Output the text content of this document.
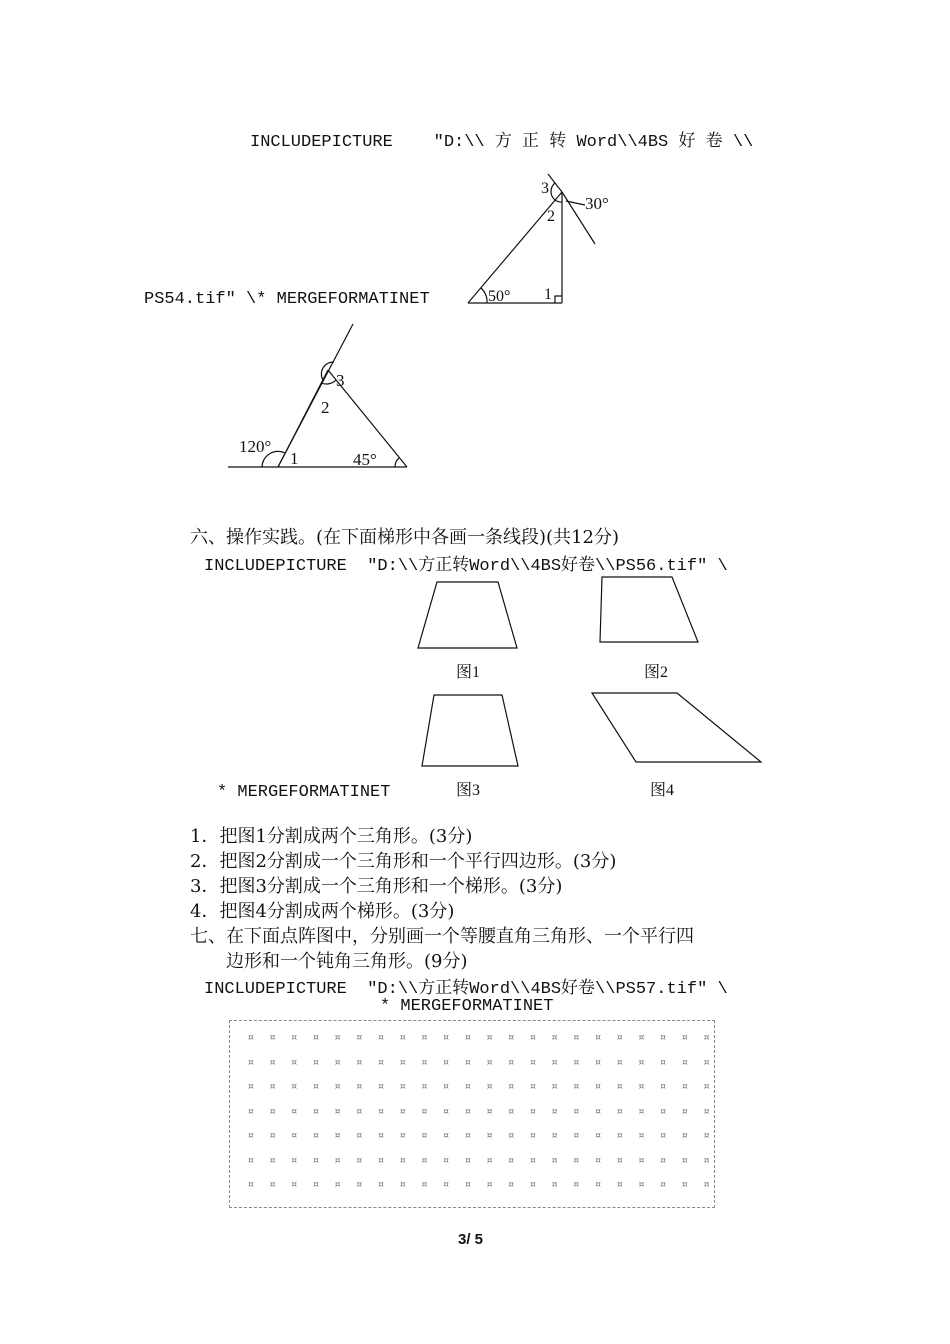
INCLUDEPICTURE    "D:\\ 方 正 转 Word\\4BS 好 卷 \\
50°
30°
1
2
3
PS54.tif" \* MERGEFORMATINET
120°
45°
1
2
3
六、操作实践。(在下面梯形中各画一条线段)(共12分)
INCLUDEPICTURE  "D:\\方正转Word\\4BS好卷\\PS56.tif" \
图1	图2
图3	图4
* MERGEFORMATINET
1．把图1分割成两个三角形。(3分)
2．把图2分割成一个三角形和一个平行四边形。(3分)
3．把图3分割成一个三角形和一个梯形。(3分)
4．把图4分割成两个梯形。(3分)
七、在下面点阵图中，分别画一个等腰直角三角形、一个平行四
边形和一个钝角三角形。(9分)
INCLUDEPICTURE  "D:\\方正转Word\\4BS好卷\\PS57.tif" \
* MERGEFORMATINET
¤ ¤ ¤ ¤ ¤ ¤ ¤ ¤ ¤ ¤ ¤ ¤ ¤ ¤ ¤ ¤ ¤ ¤ ¤ ¤ ¤ ¤
¤ ¤ ¤ ¤ ¤ ¤ ¤ ¤ ¤ ¤ ¤ ¤ ¤ ¤ ¤ ¤ ¤ ¤ ¤ ¤ ¤ ¤
¤ ¤ ¤ ¤ ¤ ¤ ¤ ¤ ¤ ¤ ¤ ¤ ¤ ¤ ¤ ¤ ¤ ¤ ¤ ¤ ¤ ¤
¤ ¤ ¤ ¤ ¤ ¤ ¤ ¤ ¤ ¤ ¤ ¤ ¤ ¤ ¤ ¤ ¤ ¤ ¤ ¤ ¤ ¤
¤ ¤ ¤ ¤ ¤ ¤ ¤ ¤ ¤ ¤ ¤ ¤ ¤ ¤ ¤ ¤ ¤ ¤ ¤ ¤ ¤ ¤
¤ ¤ ¤ ¤ ¤ ¤ ¤ ¤ ¤ ¤ ¤ ¤ ¤ ¤ ¤ ¤ ¤ ¤ ¤ ¤ ¤ ¤
¤ ¤ ¤ ¤ ¤ ¤ ¤ ¤ ¤ ¤ ¤ ¤ ¤ ¤ ¤ ¤ ¤ ¤ ¤ ¤ ¤ ¤
3/ 5
